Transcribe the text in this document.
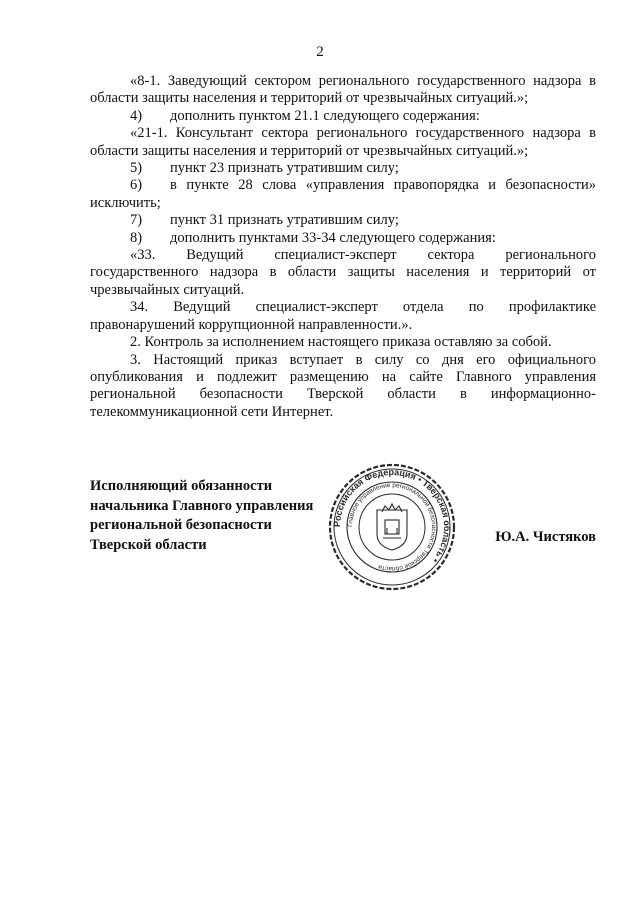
2

«8-1. Заведующий сектором регионального государственного надзора в области защиты населения и территорий от чрезвычайных ситуаций.»;

4)	дополнить пунктом 21.1 следующего содержания:

«21-1. Консультант сектора регионального государственного надзора в области защиты населения и территорий от чрезвычайных ситуаций.»;

5)	пункт 23 признать утратившим силу;

6)	в пункте 28 слова «управления правопорядка и безопасности»

исключить;

7)	пункт 31 признать утратившим силу;

8)	дополнить пунктами 33-34 следующего содержания:

«33. Ведущий специалист-эксперт сектора регионального государственного надзора в области защиты населения и территорий от чрезвычайных ситуаций.

34. Ведущий специалист-эксперт отдела по профилактике правонарушений коррупционной направленности.».

2. Контроль за исполнением настоящего приказа оставляю за собой.

3. Настоящий приказ вступает в силу со дня его официального опубликования и подлежит размещению на сайте Главного управления региональной безопасности Тверской области в информационно-телекоммуникационной сети Интернет.

Исполняющий обязанности
начальника Главного управления
региональной безопасности
Тверской области
Российская Федерация • Тверская область •
Главное управление региональной безопасности Тверской области
Ю.А. Чистяков
